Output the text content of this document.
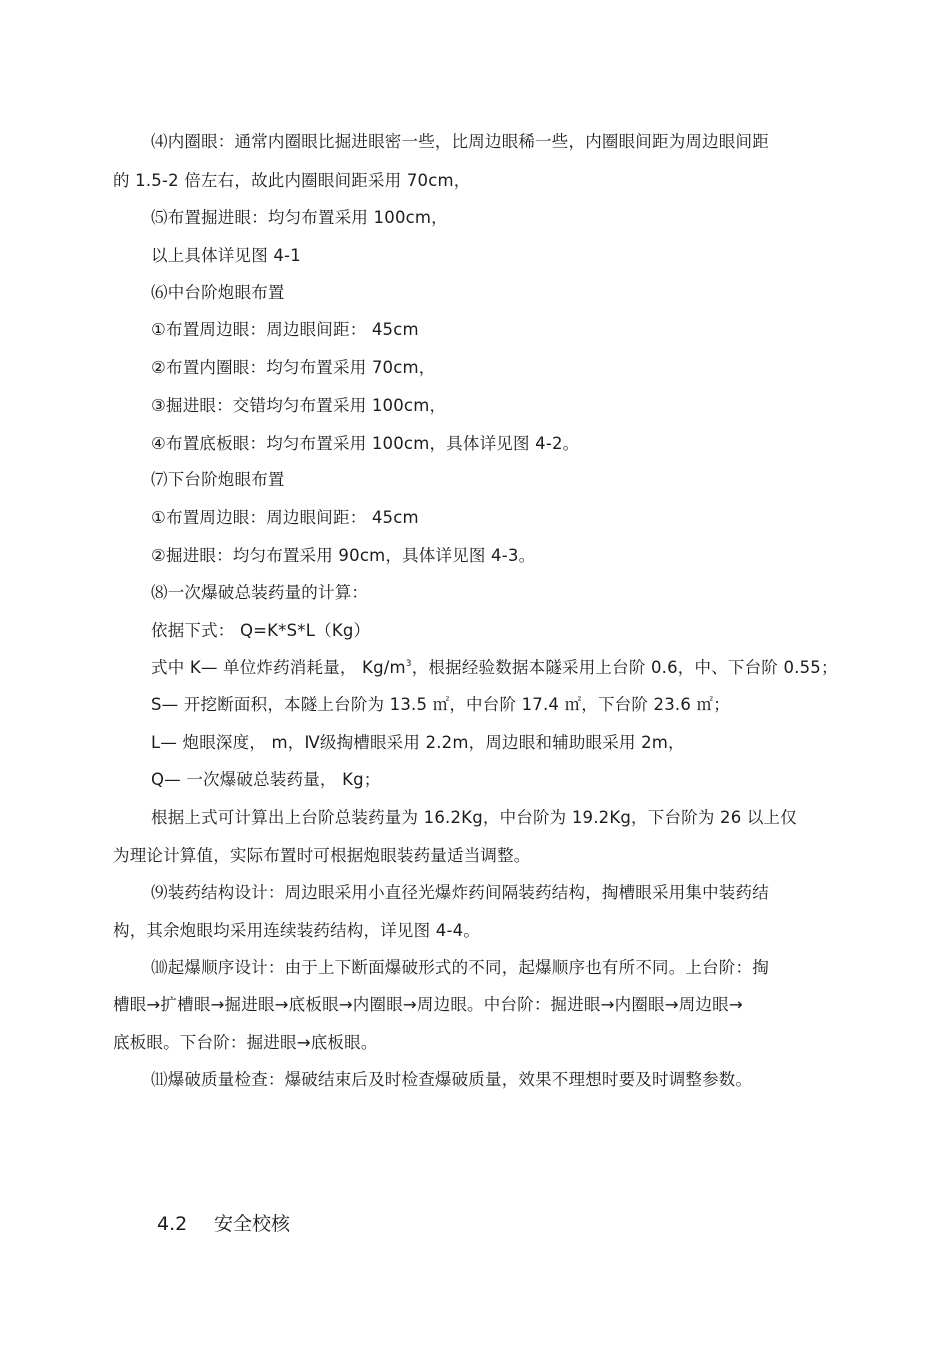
⑷内圈眼：通常内圈眼比掘进眼密一些，比周边眼稀一些，内圈眼间距为周边眼间距
的 1.5-2 倍左右，故此内圈眼间距采用 70cm，
⑸布置掘进眼：均匀布置采用 100cm，
以上具体详见图 4-1
⑹中台阶炮眼布置
①布置周边眼：周边眼间距： 45cm
②布置内圈眼：均匀布置采用 70cm，
③掘进眼：交错均匀布置采用 100cm，
④布置底板眼：均匀布置采用 100cm，具体详见图 4-2。
⑺下台阶炮眼布置
①布置周边眼：周边眼间距： 45cm
②掘进眼：均匀布置采用 90cm，具体详见图 4-3。
⑻一次爆破总装药量的计算：
依据下式： Q=K*S*L（Kg）
式中 K— 单位炸药消耗量， $Kg/m^3$，根据经验数据本隧采用上台阶 0.6，中、下台阶 0.55；
S— 开挖断面积，本隧上台阶为 13.5 ㎡，中台阶 17.4 ㎡，下台阶 23.6 ㎡；
L— 炮眼深度， m，Ⅳ级掏槽眼采用 2.2m，周边眼和辅助眼采用 2m，
Q— 一次爆破总装药量， Kg；
根据上式可计算出上台阶总装药量为 16.2Kg，中台阶为 19.2Kg，下台阶为 26 以上仅
为理论计算值，实际布置时可根据炮眼装药量适当调整。
⑼装药结构设计：周边眼采用小直径光爆炸药间隔装药结构，掏槽眼采用集中装药结
构，其余炮眼均采用连续装药结构，详见图 4-4。
⑽起爆顺序设计：由于上下断面爆破形式的不同，起爆顺序也有所不同。上台阶：掏
槽眼→扩槽眼→掘进眼→底板眼→内圈眼→周边眼。中台阶：掘进眼→内圈眼→周边眼→
底板眼。下台阶：掘进眼→底板眼。
⑾爆破质量检查：爆破结束后及时检查爆破质量，效果不理想时要及时调整参数。
4.2 安全校核
